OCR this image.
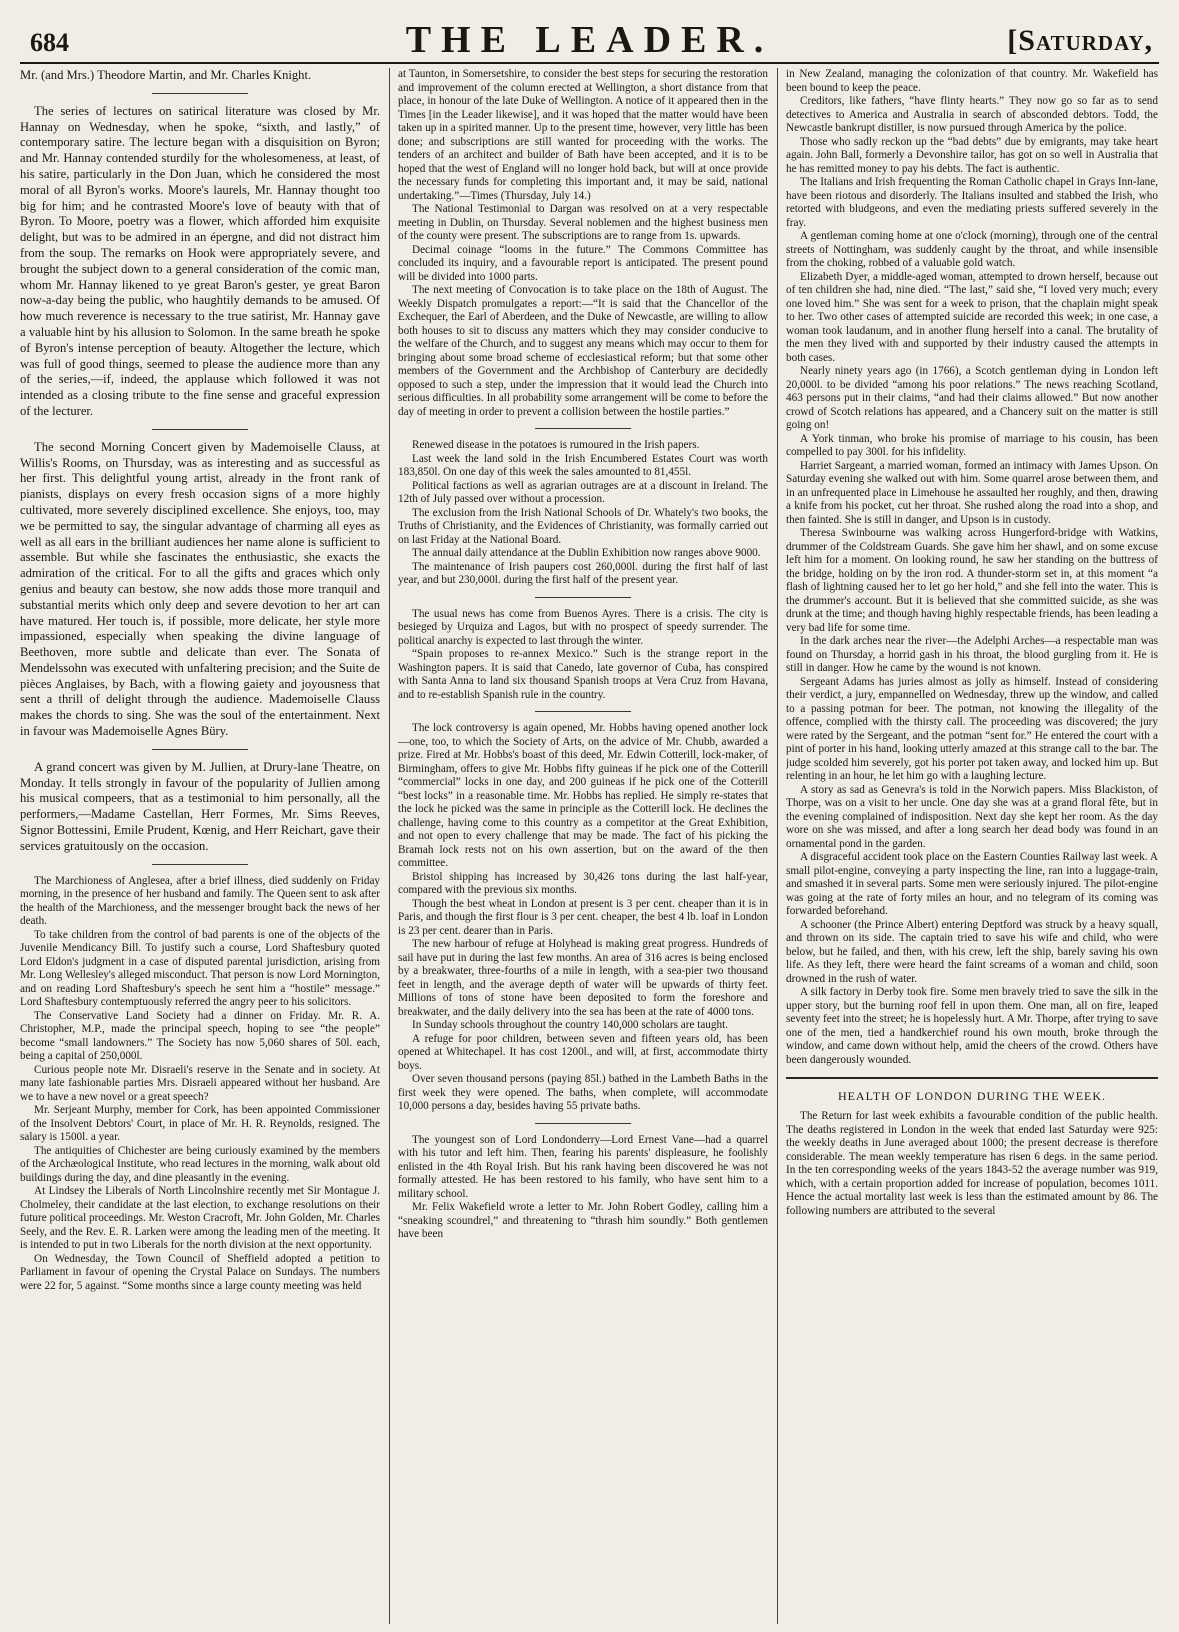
684	THE LEADER.	[Saturday,

Mr. (and Mrs.) Theodore Martin, and Mr. Charles Knight.

The series of lectures on satirical literature was closed by Mr. Hannay on Wednesday, when he spoke, “sixth, and lastly,” of contemporary satire. The lecture began with a disquisition on Byron; and Mr. Hannay contended sturdily for the wholesomeness, at least, of his satire, particularly in the Don Juan, which he considered the most moral of all Byron's works. Moore's laurels, Mr. Hannay thought too big for him; and he contrasted Moore's love of beauty with that of Byron. To Moore, poetry was a flower, which afforded him exquisite delight, but was to be admired in an épergne, and did not distract him from the soup. The remarks on Hook were appropriately severe, and brought the subject down to a general consideration of the comic man, whom Mr. Hannay likened to ye great Baron's gester, ye great Baron now-a-day being the public, who haughtily demands to be amused. Of how much reverence is necessary to the true satirist, Mr. Hannay gave a valuable hint by his allusion to Solomon. In the same breath he spoke of Byron's intense perception of beauty. Altogether the lecture, which was full of good things, seemed to please the audience more than any of the series,—if, indeed, the applause which followed it was not intended as a closing tribute to the fine sense and graceful expression of the lecturer.

The second Morning Concert given by Mademoiselle Clauss, at Willis's Rooms, on Thursday, was as interesting and as successful as her first. This delightful young artist, already in the front rank of pianists, displays on every fresh occasion signs of a more highly cultivated, more severely disciplined excellence. She enjoys, too, may we be permitted to say, the singular advantage of charming all eyes as well as all ears in the brilliant audiences her name alone is sufficient to assemble. But while she fascinates the enthusiastic, she exacts the admiration of the critical. For to all the gifts and graces which only genius and beauty can bestow, she now adds those more tranquil and substantial merits which only deep and severe devotion to her art can have matured. Her touch is, if possible, more delicate, her style more impassioned, especially when speaking the divine language of Beethoven, more subtle and delicate than ever. The Sonata of Mendelssohn was executed with unfaltering precision; and the Suite de pièces Anglaises, by Bach, with a flowing gaiety and joyousness that sent a thrill of delight through the audience. Mademoiselle Clauss makes the chords to sing. She was the soul of the entertainment. Next in favour was Mademoiselle Agnes Büry.

A grand concert was given by M. Jullien, at Drury-lane Theatre, on Monday. It tells strongly in favour of the popularity of Jullien among his musical compeers, that as a testimonial to him personally, all the performers,—Madame Castellan, Herr Formes, Mr. Sims Reeves, Signor Bottessini, Emile Prudent, Kœnig, and Herr Reichart, gave their services gratuitously on the occasion.

The Marchioness of Anglesea, after a brief illness, died suddenly on Friday morning, in the presence of her husband and family. The Queen sent to ask after the health of the Marchioness, and the messenger brought back the news of her death.

To take children from the control of bad parents is one of the objects of the Juvenile Mendicancy Bill. To justify such a course, Lord Shaftesbury quoted Lord Eldon's judgment in a case of disputed parental jurisdiction, arising from Mr. Long Wellesley's alleged misconduct. That person is now Lord Mornington, and on reading Lord Shaftesbury's speech he sent him a “hostile” message.” Lord Shaftesbury contemptuously referred the angry peer to his solicitors.

The Conservative Land Society had a dinner on Friday. Mr. R. A. Christopher, M.P., made the principal speech, hoping to see “the people” become “small landowners.” The Society has now 5,060 shares of 50l. each, being a capital of 250,000l.

Curious people note Mr. Disraeli's reserve in the Senate and in society. At many late fashionable parties Mrs. Disraeli appeared without her husband. Are we to have a new novel or a great speech?

Mr. Serjeant Murphy, member for Cork, has been appointed Commissioner of the Insolvent Debtors' Court, in place of Mr. H. R. Reynolds, resigned. The salary is 1500l. a year.

The antiquities of Chichester are being curiously examined by the members of the Archæological Institute, who read lectures in the morning, walk about old buildings during the day, and dine pleasantly in the evening.

At Lindsey the Liberals of North Lincolnshire recently met Sir Montague J. Cholmeley, their candidate at the last election, to exchange resolutions on their future political proceedings. Mr. Weston Cracroft, Mr. John Golden, Mr. Charles Seely, and the Rev. E. R. Larken were among the leading men of the meeting. It is intended to put in two Liberals for the north division at the next opportunity.

On Wednesday, the Town Council of Sheffield adopted a petition to Parliament in favour of opening the Crystal Palace on Sundays. The numbers were 22 for, 5 against. “Some months since a large county meeting was held

at Taunton, in Somersetshire, to consider the best steps for securing the restoration and improvement of the column erected at Wellington, a short distance from that place, in honour of the late Duke of Wellington. A notice of it appeared then in the Times [in the Leader likewise], and it was hoped that the matter would have been taken up in a spirited manner. Up to the present time, however, very little has been done; and subscriptions are still wanted for proceeding with the works. The tenders of an architect and builder of Bath have been accepted, and it is to be hoped that the west of England will no longer hold back, but will at once provide the necessary funds for completing this important and, it may be said, national undertaking.”—Times (Thursday, July 14.)

The National Testimonial to Dargan was resolved on at a very respectable meeting in Dublin, on Thursday. Several noblemen and the highest business men of the county were present. The subscriptions are to range from 1s. upwards.

Decimal coinage “looms in the future.” The Commons Committee has concluded its inquiry, and a favourable report is anticipated. The present pound will be divided into 1000 parts.

The next meeting of Convocation is to take place on the 18th of August. The Weekly Dispatch promulgates a report:—“It is said that the Chancellor of the Exchequer, the Earl of Aberdeen, and the Duke of Newcastle, are willing to allow both houses to sit to discuss any matters which they may consider conducive to the welfare of the Church, and to suggest any means which may occur to them for bringing about some broad scheme of ecclesiastical reform; but that some other members of the Government and the Archbishop of Canterbury are decidedly opposed to such a step, under the impression that it would lead the Church into serious difficulties. In all probability some arrangement will be come to before the day of meeting in order to prevent a collision between the hostile parties.”

Renewed disease in the potatoes is rumoured in the Irish papers.

Last week the land sold in the Irish Encumbered Estates Court was worth 183,850l. On one day of this week the sales amounted to 81,455l.

Political factions as well as agrarian outrages are at a discount in Ireland. The 12th of July passed over without a procession.

The exclusion from the Irish National Schools of Dr. Whately's two books, the Truths of Christianity, and the Evidences of Christianity, was formally carried out on last Friday at the National Board.

The annual daily attendance at the Dublin Exhibition now ranges above 9000.

The maintenance of Irish paupers cost 260,000l. during the first half of last year, and but 230,000l. during the first half of the present year.

The usual news has come from Buenos Ayres. There is a crisis. The city is besieged by Urquiza and Lagos, but with no prospect of speedy surrender. The political anarchy is expected to last through the winter.

“Spain proposes to re-annex Mexico.” Such is the strange report in the Washington papers. It is said that Canedo, late governor of Cuba, has conspired with Santa Anna to land six thousand Spanish troops at Vera Cruz from Havana, and to re-establish Spanish rule in the country.

The lock controversy is again opened, Mr. Hobbs having opened another lock—one, too, to which the Society of Arts, on the advice of Mr. Chubb, awarded a prize. Fired at Mr. Hobbs's boast of this deed, Mr. Edwin Cotterill, lock-maker, of Birmingham, offers to give Mr. Hobbs fifty guineas if he pick one of the Cotterill “commercial” locks in one day, and 200 guineas if he pick one of the Cotterill “best locks” in a reasonable time. Mr. Hobbs has replied. He simply re-states that the lock he picked was the same in principle as the Cotterill lock. He declines the challenge, having come to this country as a competitor at the Great Exhibition, and not open to every challenge that may be made. The fact of his picking the Bramah lock rests not on his own assertion, but on the award of the then committee.

Bristol shipping has increased by 30,426 tons during the last half-year, compared with the previous six months.

Though the best wheat in London at present is 3 per cent. cheaper than it is in Paris, and though the first flour is 3 per cent. cheaper, the best 4 lb. loaf in London is 23 per cent. dearer than in Paris.

The new harbour of refuge at Holyhead is making great progress. Hundreds of sail have put in during the last few months. An area of 316 acres is being enclosed by a breakwater, three-fourths of a mile in length, with a sea-pier two thousand feet in length, and the average depth of water will be upwards of thirty feet. Millions of tons of stone have been deposited to form the foreshore and breakwater, and the daily delivery into the sea has been at the rate of 4000 tons.

In Sunday schools throughout the country 140,000 scholars are taught.

A refuge for poor children, between seven and fifteen years old, has been opened at Whitechapel. It has cost 1200l., and will, at first, accommodate thirty boys.

Over seven thousand persons (paying 85l.) bathed in the Lambeth Baths in the first week they were opened. The baths, when complete, will accommodate 10,000 persons a day, besides having 55 private baths.

The youngest son of Lord Londonderry—Lord Ernest Vane—had a quarrel with his tutor and left him. Then, fearing his parents' displeasure, he foolishly enlisted in the 4th Royal Irish. But his rank having been discovered he was not formally attested. He has been restored to his family, who have sent him to a military school.

Mr. Felix Wakefield wrote a letter to Mr. John Robert Godley, calling him a “sneaking scoundrel,” and threatening to “thrash him soundly.” Both gentlemen have been

in New Zealand, managing the colonization of that country. Mr. Wakefield has been bound to keep the peace.

Creditors, like fathers, “have flinty hearts.” They now go so far as to send detectives to America and Australia in search of absconded debtors. Todd, the Newcastle bankrupt distiller, is now pursued through America by the police.

Those who sadly reckon up the “bad debts” due by emigrants, may take heart again. John Ball, formerly a Devonshire tailor, has got on so well in Australia that he has remitted money to pay his debts. The fact is authentic.

The Italians and Irish frequenting the Roman Catholic chapel in Grays Inn-lane, have been riotous and disorderly. The Italians insulted and stabbed the Irish, who retorted with bludgeons, and even the mediating priests suffered severely in the fray.

A gentleman coming home at one o'clock (morning), through one of the central streets of Nottingham, was suddenly caught by the throat, and while insensible from the choking, robbed of a valuable gold watch.

Elizabeth Dyer, a middle-aged woman, attempted to drown herself, because out of ten children she had, nine died. “The last,” said she, “I loved very much; every one loved him.” She was sent for a week to prison, that the chaplain might speak to her. Two other cases of attempted suicide are recorded this week; in one case, a woman took laudanum, and in another flung herself into a canal. The brutality of the men they lived with and supported by their industry caused the attempts in both cases.

Nearly ninety years ago (in 1766), a Scotch gentleman dying in London left 20,000l. to be divided “among his poor relations.” The news reaching Scotland, 463 persons put in their claims, “and had their claims allowed.” But now another crowd of Scotch relations has appeared, and a Chancery suit on the matter is still going on!

A York tinman, who broke his promise of marriage to his cousin, has been compelled to pay 300l. for his infidelity.

Harriet Sargeant, a married woman, formed an intimacy with James Upson. On Saturday evening she walked out with him. Some quarrel arose between them, and in an unfrequented place in Limehouse he assaulted her roughly, and then, drawing a knife from his pocket, cut her throat. She rushed along the road into a shop, and then fainted. She is still in danger, and Upson is in custody.

Theresa Swinbourne was walking across Hungerford-bridge with Watkins, drummer of the Coldstream Guards. She gave him her shawl, and on some excuse left him for a moment. On looking round, he saw her standing on the buttress of the bridge, holding on by the iron rod. A thunder-storm set in, at this moment “a flash of lightning caused her to let go her hold,” and she fell into the water. This is the drummer's account. But it is believed that she committed suicide, as she was drunk at the time; and though having highly respectable friends, has been leading a very bad life for some time.

In the dark arches near the river—the Adelphi Arches—a respectable man was found on Thursday, a horrid gash in his throat, the blood gurgling from it. He is still in danger. How he came by the wound is not known.

Sergeant Adams has juries almost as jolly as himself. Instead of considering their verdict, a jury, empannelled on Wednesday, threw up the window, and called to a passing potman for beer. The potman, not knowing the illegality of the offence, complied with the thirsty call. The proceeding was discovered; the jury were rated by the Sergeant, and the potman “sent for.” He entered the court with a pint of porter in his hand, looking utterly amazed at this strange call to the bar. The judge scolded him severely, got his porter pot taken away, and locked him up. But relenting in an hour, he let him go with a laughing lecture.

A story as sad as Genevra's is told in the Norwich papers. Miss Blackiston, of Thorpe, was on a visit to her uncle. One day she was at a grand floral fête, but in the evening complained of indisposition. Next day she kept her room. As the day wore on she was missed, and after a long search her dead body was found in an ornamental pond in the garden.

A disgraceful accident took place on the Eastern Counties Railway last week. A small pilot-engine, conveying a party inspecting the line, ran into a luggage-train, and smashed it in several parts. Some men were seriously injured. The pilot-engine was going at the rate of forty miles an hour, and no telegram of its coming was forwarded beforehand.

A schooner (the Prince Albert) entering Deptford was struck by a heavy squall, and thrown on its side. The captain tried to save his wife and child, who were below, but he failed, and then, with his crew, left the ship, barely saving his own life. As they left, there were heard the faint screams of a woman and child, soon drowned in the rush of water.

A silk factory in Derby took fire. Some men bravely tried to save the silk in the upper story, but the burning roof fell in upon them. One man, all on fire, leaped seventy feet into the street; he is hopelessly hurt. A Mr. Thorpe, after trying to save one of the men, tied a handkerchief round his own mouth, broke through the window, and came down without help, amid the cheers of the crowd. Others have been dangerously wounded.

HEALTH OF LONDON DURING THE WEEK.

The Return for last week exhibits a favourable condition of the public health. The deaths registered in London in the week that ended last Saturday were 925: the weekly deaths in June averaged about 1000; the present decrease is therefore considerable. The mean weekly temperature has risen 6 degs. in the same period. In the ten corresponding weeks of the years 1843-52 the average number was 919, which, with a certain proportion added for increase of population, becomes 1011. Hence the actual mortality last week is less than the estimated amount by 86. The following numbers are attributed to the several
